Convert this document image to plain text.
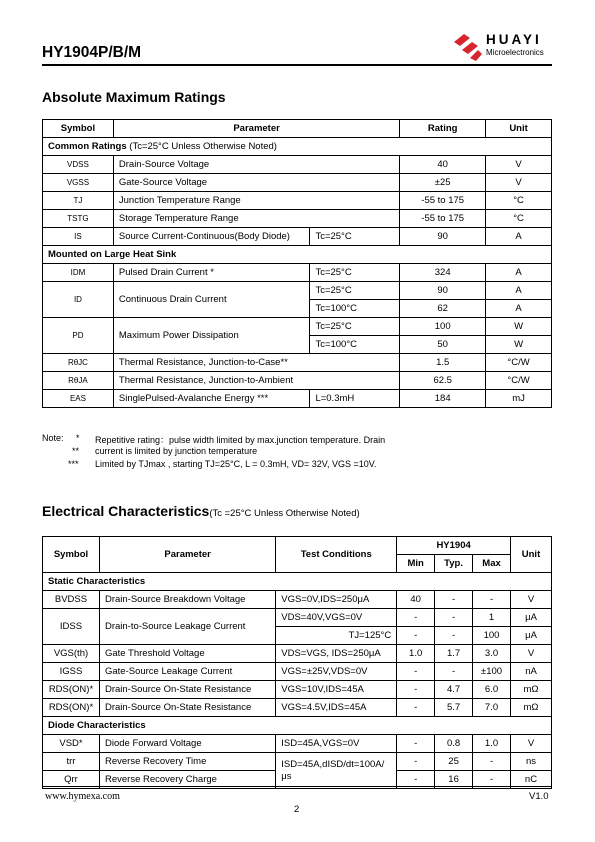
HY1904P/B/M
HUAYI
Microelectronics
Absolute Maximum Ratings
Symbol	Parameter		Rating	Unit
Common Ratings (Tc=25°C Unless Otherwise Noted)				
VDSS	Drain-Source Voltage		40	V
VGSS	Gate-Source Voltage		±25	V
TJ	Junction Temperature Range		-55 to 175	°C
TSTG	Storage Temperature Range		-55 to 175	°C
IS	Source Current-Continuous(Body Diode)	Tc=25°C	90	A
Mounted on Large Heat Sink				
IDM	Pulsed Drain Current *	Tc=25°C	324	A
ID	Continuous Drain Current	Tc=25°C	90	A
		Tc=100°C	62	A
PD	Maximum Power Dissipation	Tc=25°C	100	W
		Tc=100°C	50	W
RθJC	Thermal Resistance, Junction-to-Case**		1.5	°C/W
RθJA	Thermal Resistance, Junction-to-Ambient		62.5	°C/W
EAS	SinglePulsed-Avalanche Energy ***	L=0.3mH	184	mJ
Note: * Repetitive rating：pulse width limited by max.junction temperature. Drain
** current is limited by junction temperature
*** Limited by TJmax , starting TJ=25°C, L = 0.3mH, VD= 32V, VGS =10V.
Electrical Characteristics(Tc =25°C Unless Otherwise Noted)
Symbol	Parameter	Test Conditions	HY1904			Unit
			Min	Typ.	Max	
Static Characteristics						
BVDSS	Drain-Source Breakdown Voltage	VGS=0V,IDS=250μA	40	-	-	V
IDSS	Drain-to-Source Leakage Current	VDS=40V,VGS=0V	-	-	1	μA
		TJ=125°C	-	-	100	μA
VGS(th)	Gate Threshold Voltage	VDS=VGS, IDS=250μA	1.0	1.7	3.0	V
IGSS	Gate-Source Leakage Current	VGS=±25V,VDS=0V	-	-	±100	nA
RDS(ON)*	Drain-Source On-State Resistance	VGS=10V,IDS=45A	-	4.7	6.0	mΩ
RDS(ON)*	Drain-Source On-State Resistance	VGS=4.5V,IDS=45A	-	5.7	7.0	mΩ
Diode Characteristics						
VSD*	Diode Forward Voltage	ISD=45A,VGS=0V	-	0.8	1.0	V
trr	Reverse Recovery Time	ISD=45A,dISD/dt=100A/μs	-	25	-	ns
Qrr	Reverse Recovery Charge		-	16	-	nC
www.hymexa.com	V1.0
2
